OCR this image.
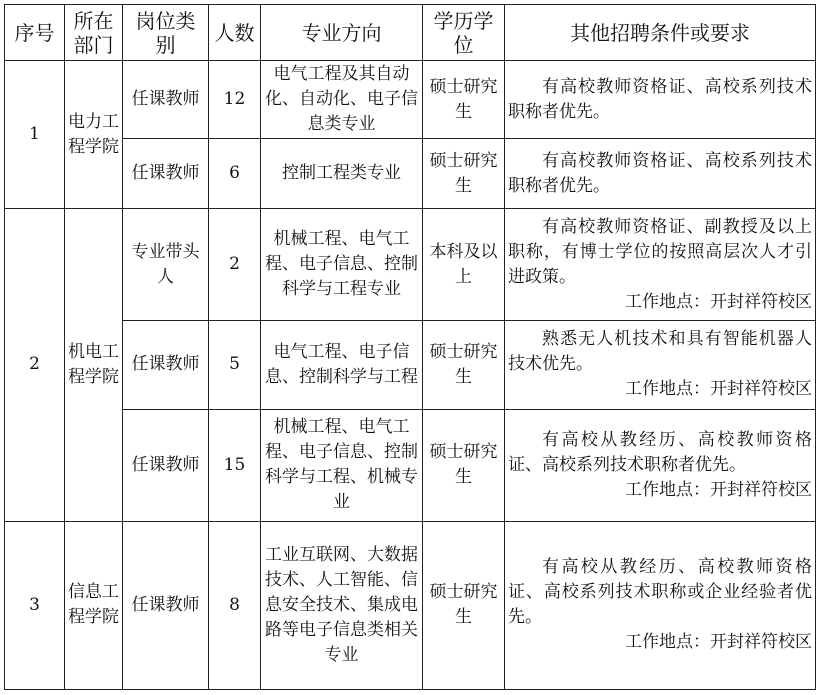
序号	所在部门	岗位类别	人数	专业方向	学历学位	其他招聘条件或要求
1	电力工程学院	任课教师	12	电气工程及其自动化、自动化、电子信息类专业	硕士研究生	有高校教师资格证、高校系列技术职称者优先。

		任课教师	6	控制工程类专业	硕士研究生	有高校教师资格证、高校系列技术职称者优先。

2	机电工程学院	专业带头人	2	机械工程、电气工程、电子信息、控制科学与工程专业	本科及以上	有高校教师资格证、副教授及以上职称，有博士学位的按照高层次人才引进政策。
工作地点：开封祥符校区

		任课教师	5	电气工程、电子信息、控制科学与工程	硕士研究生	熟悉无人机技术和具有智能机器人技术优先。
工作地点：开封祥符校区

		任课教师	15	机械工程、电气工程、电子信息、控制科学与工程、机械专业	硕士研究生	有高校从教经历、高校教师资格证、高校系列技术职称者优先。
工作地点：开封祥符校区

3	信息工程学院	任课教师	8	工业互联网、大数据技术、人工智能、信息安全技术、集成电路等电子信息类相关专业	硕士研究生	有高校从教经历、高校教师资格证、高校系列技术职称或企业经验者优先。
工作地点：开封祥符校区
